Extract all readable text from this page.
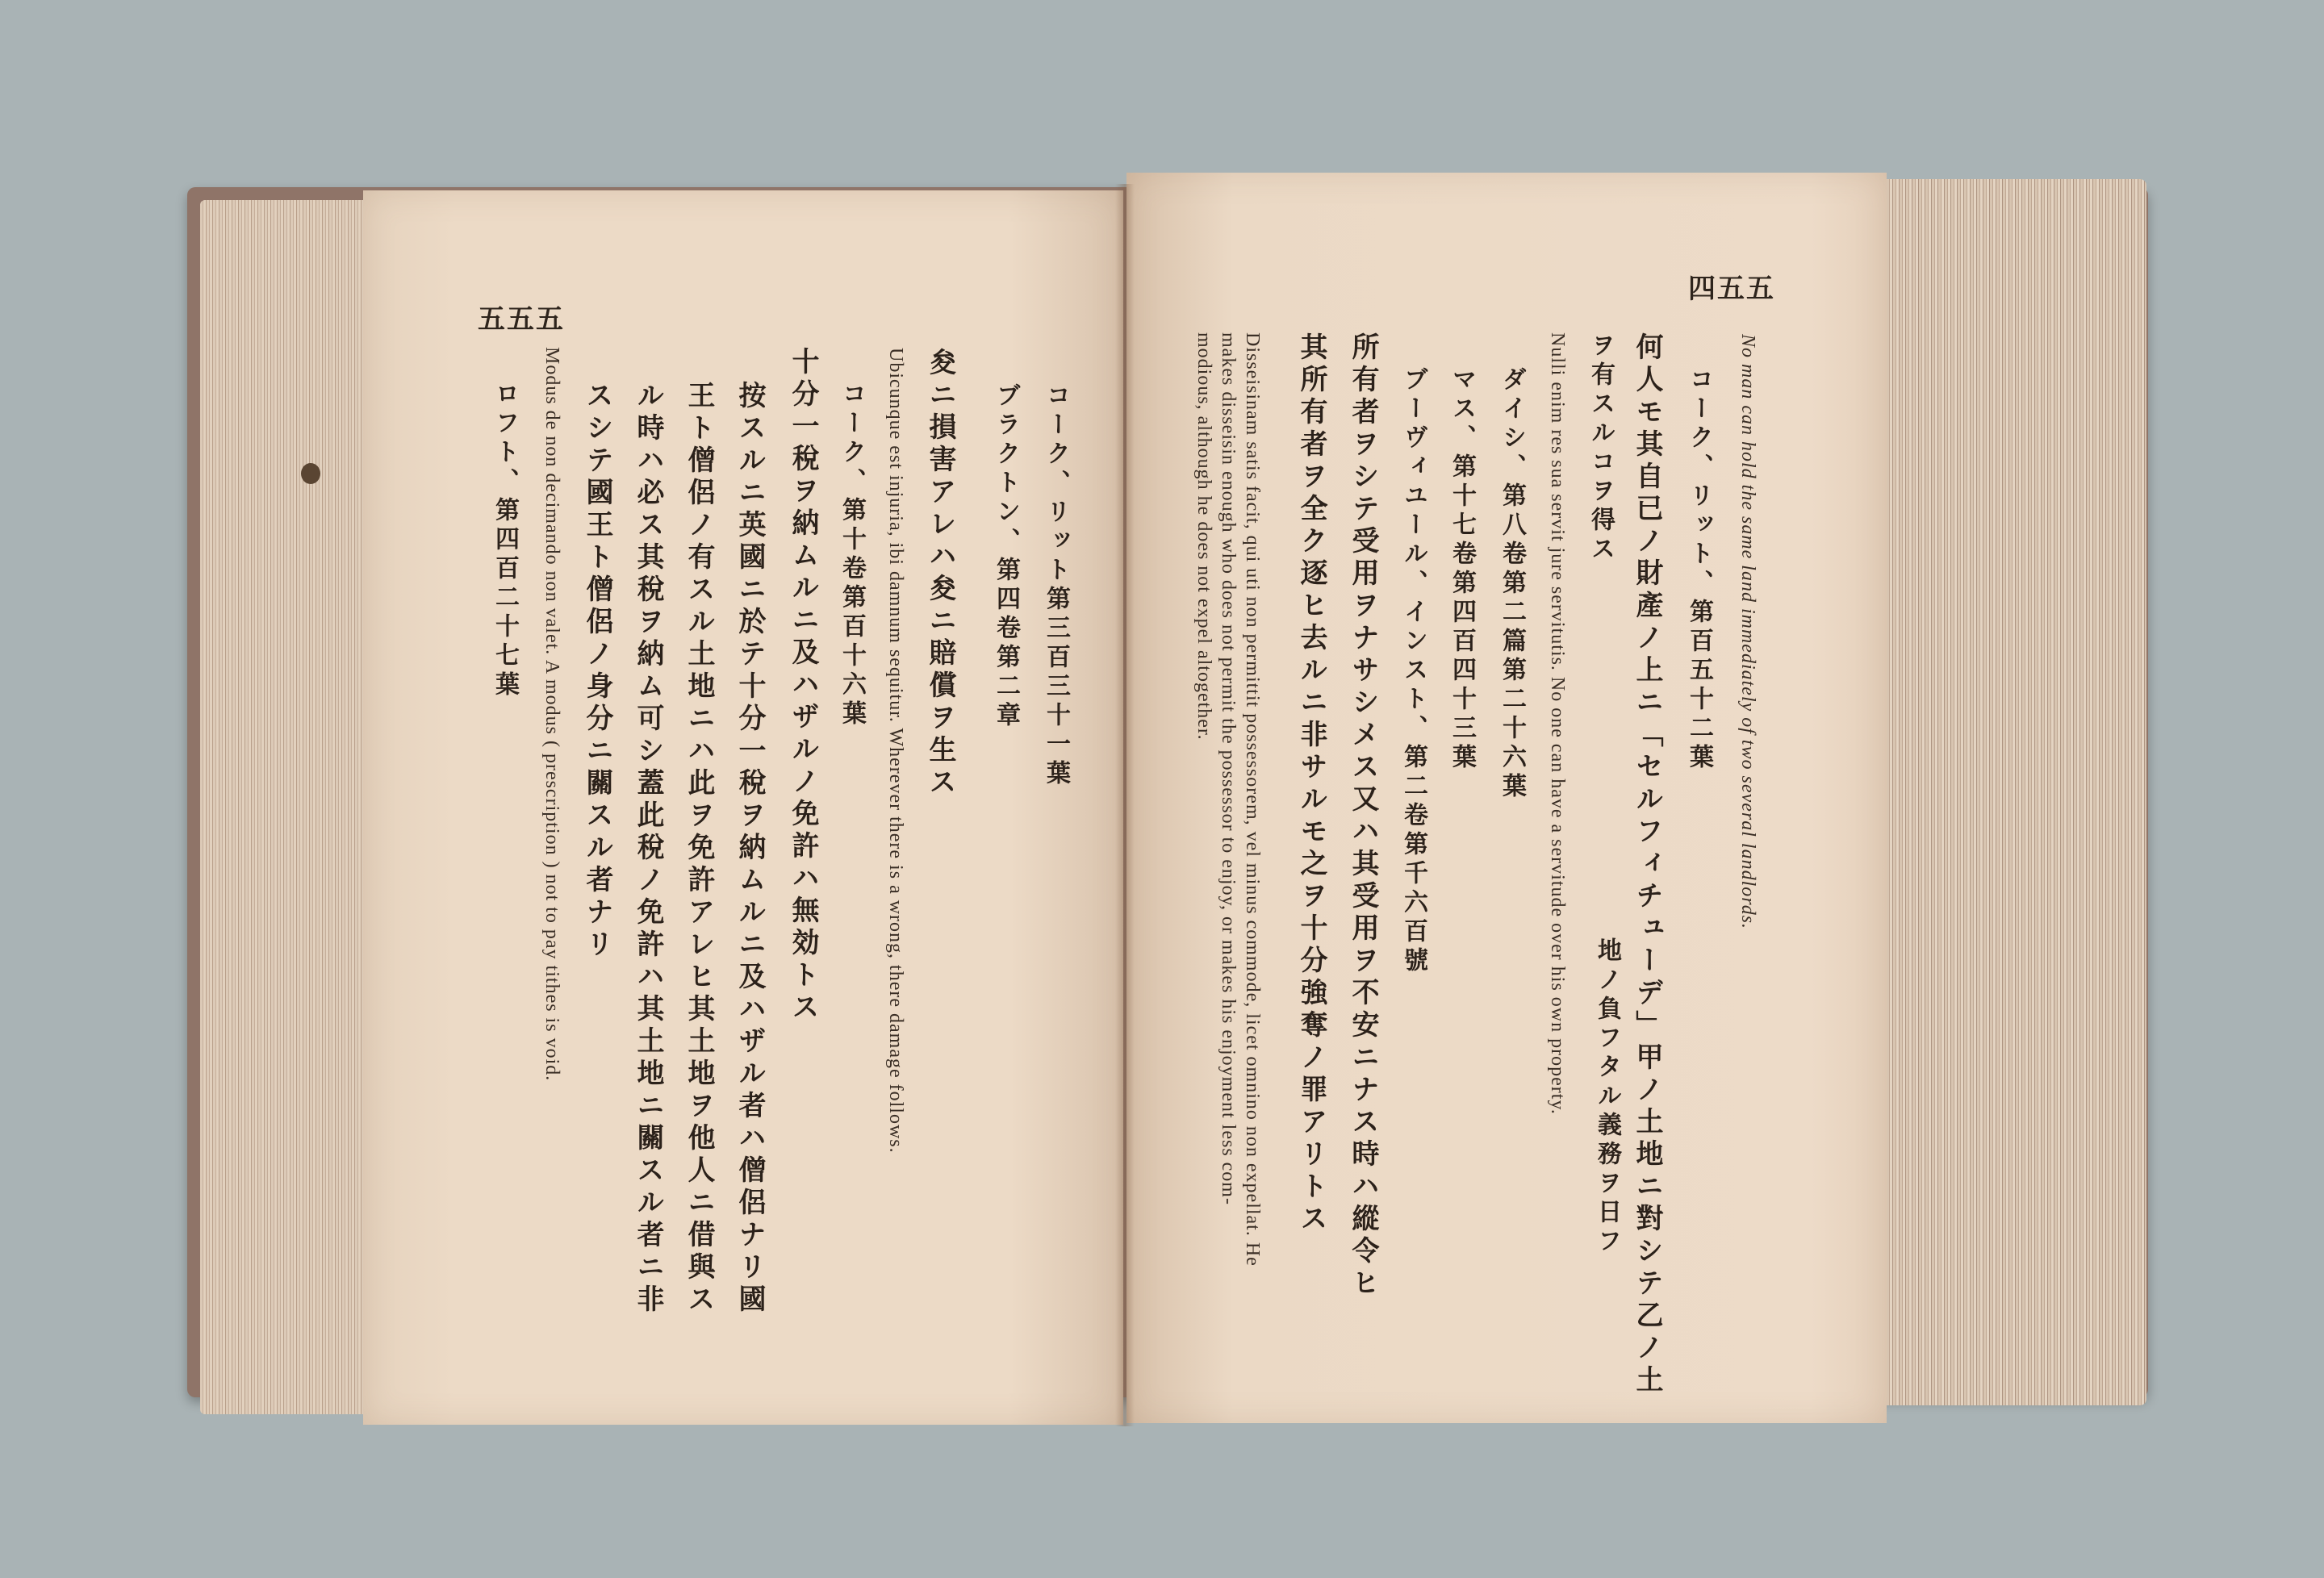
五五五
コーク、リット第三百三十一葉
ブラクトン、第四卷第二章
夋ニ損害アレハ夋ニ賠償ヲ生ス
Ubicunque est injuria, ibi damnum sequitur. Wherever there is a wrong, there damage follows.
コーク、第十卷第百十六葉
十分一稅ヲ納ムルニ及ハザルノ免許ハ無効トス
按スルニ英國ニ於テ十分一稅ヲ納ムルニ及ハザル者ハ僧侶ナリ國
王ト僧侶ノ有スル土地ニハ此ヲ免許アレヒ其土地ヲ他人ニ借與ス
ル時ハ必ス其稅ヲ納ム可シ蓋此稅ノ免許ハ其土地ニ關スル者ニ非
スシテ國王ト僧侶ノ身分ニ關スル者ナリ
Modus de non decimando non valet. A modus ( prescription ) not to pay tithes is void.
ロフト、第四百二十七葉
四五五
No man can hold the same land immediately of two several landlords.
コーク、リット、第百五十二葉
何人モ其自已ノ財產ノ上ニ「セルフィチューデ」甲ノ土地ニ對シテ乙ノ土
地ノ負フタル義務ヲ日フ
ヲ有スルコヲ得ス
Nulli enim res sua servit jure servitutis. No one can have a servitude over his own property.
ダイシ、第八卷第二篇第二十六葉
マス、第十七卷第四百四十三葉
ブーヴィユール、インスト、第二卷第千六百號
所有者ヲシテ受用ヲナサシメス又ハ其受用ヲ不安ニナス時ハ縱令ヒ
其所有者ヲ全ク逐ヒ去ルニ非サルモ之ヲ十分強奪ノ罪アリトス
Disseisinam satis facit, qui uti non permittit possessorem, vel minus commode, licet omnino non expellat. He
makes disseisin enough who does not permit the possessor to enjoy, or makes his enjoyment less com-
modious, although he does not expel altogether.
